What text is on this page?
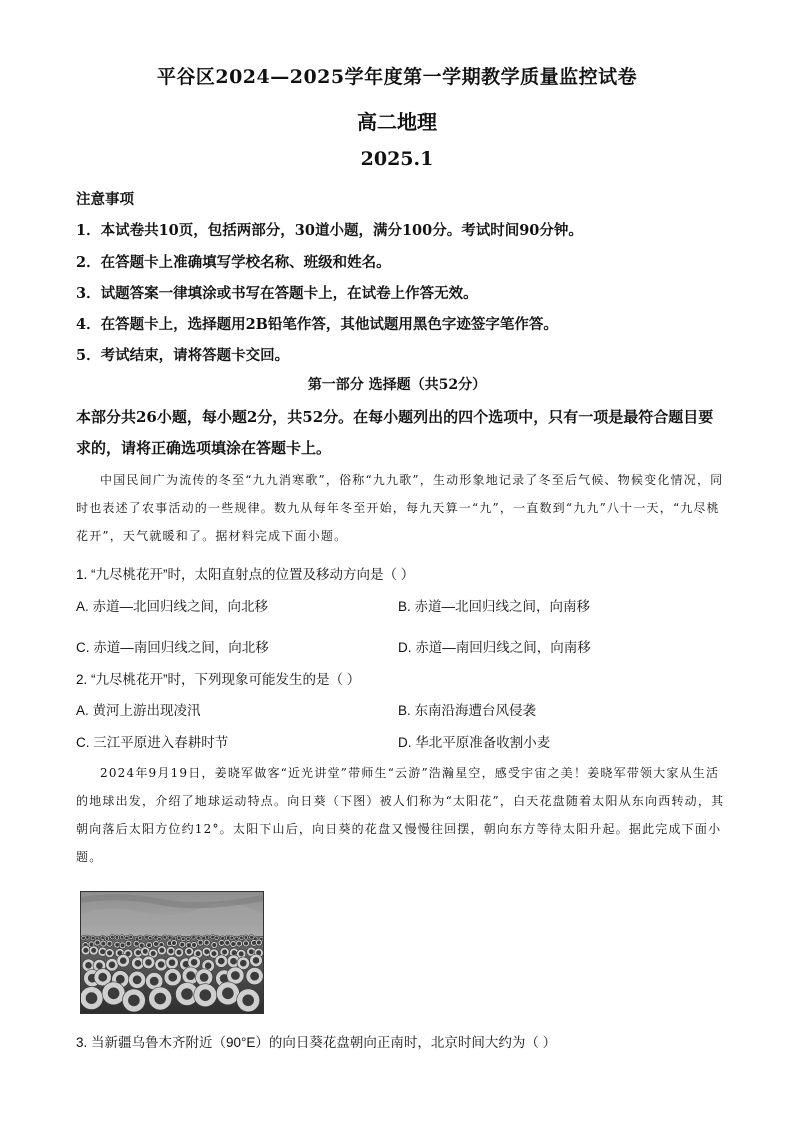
平谷区2024—2025学年度第一学期教学质量监控试卷
高二地理
2025.1
注意事项
1．本试卷共10页，包括两部分，30道小题，满分100分。考试时间90分钟。
2．在答题卡上准确填写学校名称、班级和姓名。
3．试题答案一律填涂或书写在答题卡上，在试卷上作答无效。
4．在答题卡上，选择题用2B铅笔作答，其他试题用黑色字迹签字笔作答。
5．考试结束，请将答题卡交回。
第一部分 选择题（共52分）
本部分共26小题，每小题2分，共52分。在每小题列出的四个选项中，只有一项是最符合题目要求的，请将正确选项填涂在答题卡上。
中国民间广为流传的冬至“九九消寒歌”，俗称“九九歌”，生动形象地记录了冬至后气候、物候变化情况，同时也表述了农事活动的一些规律。数九从每年冬至开始，每九天算一“九”，一直数到“九九”八十一天，“九尽桃花开”，天气就暖和了。据材料完成下面小题。
1. “九尽桃花开”时，太阳直射点的位置及移动方向是（ ）
A. 赤道—北回归线之间，向北移	B. 赤道—北回归线之间，向南移
C. 赤道—南回归线之间，向北移	D. 赤道—南回归线之间，向南移
2. “九尽桃花开”时，下列现象可能发生的是（ ）
A. 黄河上游出现凌汛	B. 东南沿海遭台风侵袭
C. 三江平原进入春耕时节	D. 华北平原准备收割小麦
2024年9月19日，姜晓军做客“近光讲堂”带师生“云游”浩瀚星空，感受宇宙之美！姜晓军带领大家从生活的地球出发，介绍了地球运动特点。向日葵（下图）被人们称为“太阳花”，白天花盘随着太阳从东向西转动，其朝向落后太阳方位约12°。太阳下山后，向日葵的花盘又慢慢往回摆，朝向东方等待太阳升起。据此完成下面小题。
3. 当新疆乌鲁木齐附近（90°E）的向日葵花盘朝向正南时，北京时间大约为（ ）
